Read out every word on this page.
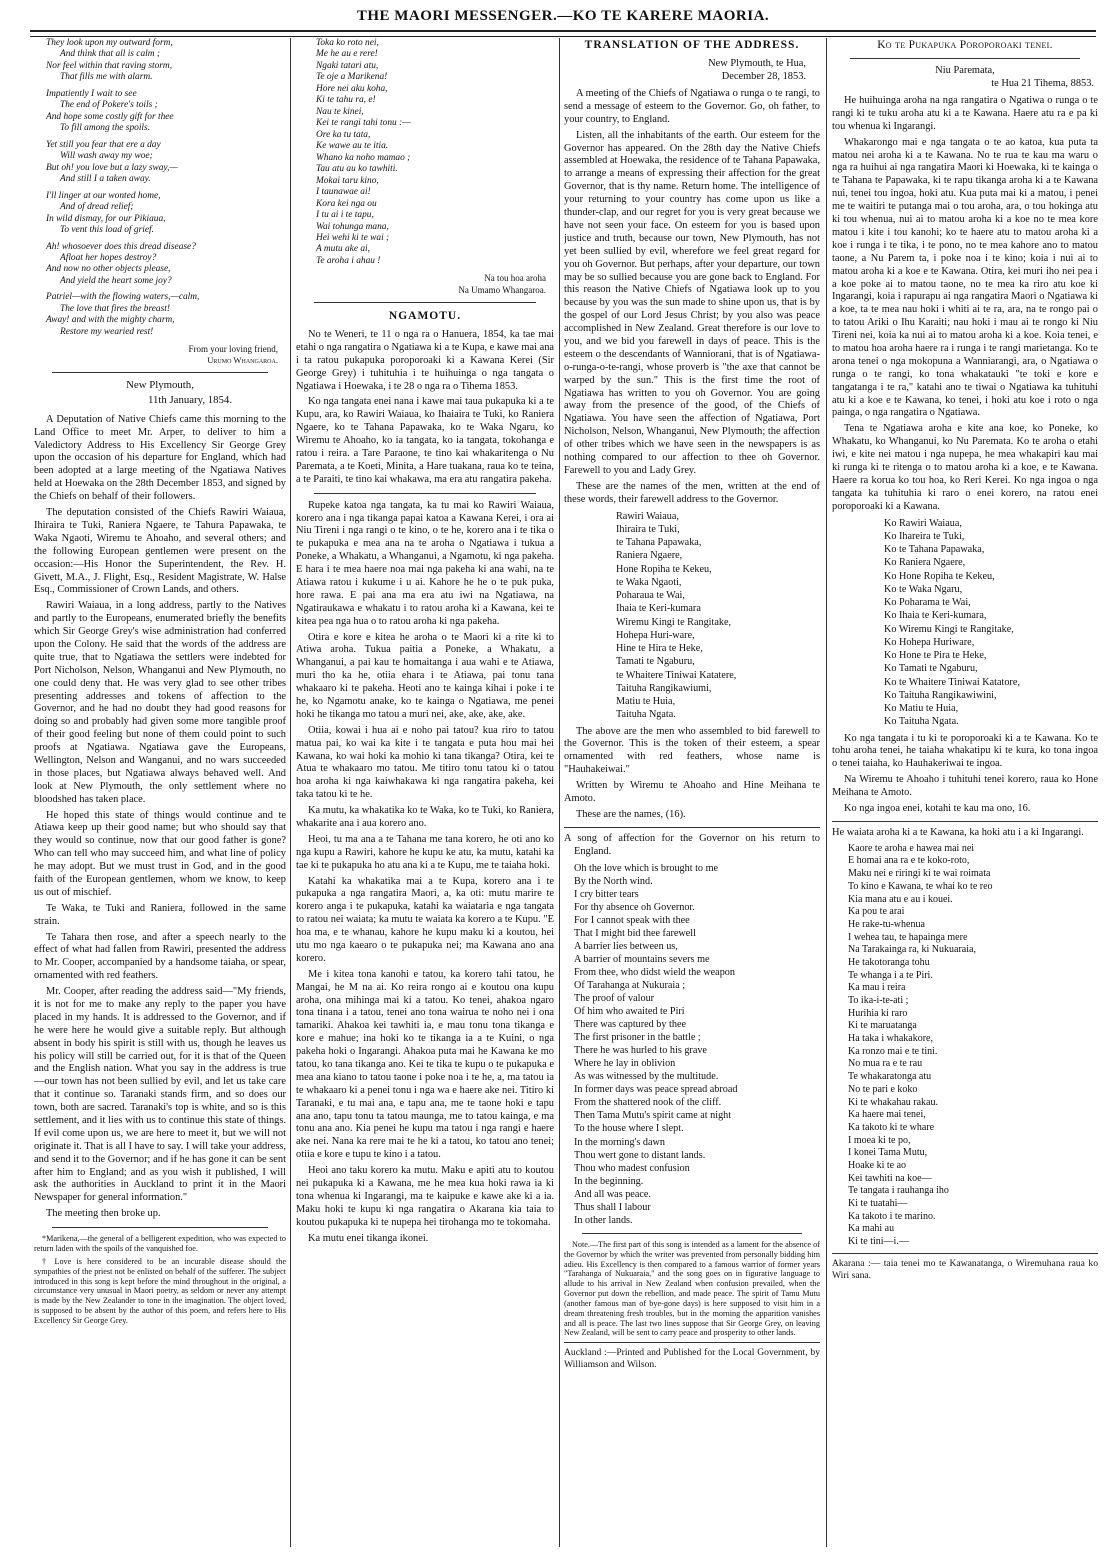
THE MAORI MESSENGER.—KO TE KARERE MAORIA.
They look upon my outward form,
And think that all is calm ;
Nor feel within that raving storm,
That fills me with alarm.
Impatiently I wait to see
The end of Pokere's toils ;
And hope some costly gift for thee
To fill among the spoils.
Yet still you fear that ere a day
Will wash away my woe;
But oh! you love but a lazy sway,—
And still I a taken away.
I'll linger at our wonted home,
And of dread relief;
In wild dismay, for our Pikiaua,
To vent this load of grief.
Ah! whosoever does this dread disease?
Afloat her hopes destroy?
And now no other objects please,
And yield the heart some joy?
Patriel—with the flowing waters,—calm,
The love that fires the breast!
Away! and with the mighty charm,
Restore my wearied rest!
From your loving friend,
Urumo Whangaroa.
New Plymouth,
11th January, 1854.

A Deputation of Native Chiefs came this morning to the Land Office to meet Mr. Arper, to deliver to him a Valedictory Address to His Excellency Sir George Grey upon the occasion of his departure for England, which had been adopted at a large meeting of the Ngatiawa Natives held at Hoewaka on the 28th December 1853, and signed by the Chiefs on behalf of their followers.

The deputation consisted of the Chiefs Rawiri Waiaua, Ihiraira te Tuki, Raniera Ngaere, te Tahura Papawaka, te Waka Ngaoti, Wiremu te Ahoaho, and several others; and the following European gentlemen were present on the occasion:—His Honor the Superintendent, the Rev. H. Givett, M.A., J. Flight, Esq., Resident Magistrate, W. Halse Esq., Commissioner of Crown Lands, and others.

Rawiri Waiaua, in a long address, partly to the Natives and partly to the Europeans, enumerated briefly the benefits which Sir George Grey's wise administration had conferred upon the Colony. He said that the words of the address are quite true, that to Ngatiawa the settlers were indebted for Port Nicholson, Nelson, Whanganui and New Plymouth, no one could deny that. He was very glad to see other tribes presenting addresses and tokens of affection to the Governor, and he had no doubt they had good reasons for doing so and probably had given some more tangible proof of their good feeling but none of them could point to such proofs at Ngatiawa. Ngatiawa gave the Europeans, Wellington, Nelson and Wanganui, and no wars succeeded in those places, but Ngatiawa always behaved well. And look at New Plymouth, the only settlement where no bloodshed has taken place.

He hoped this state of things would continue and te Atiawa keep up their good name; but who should say that they would so continue, now that our good father is gone? Who can tell who may succeed him, and what line of policy he may adopt. But we must trust in God, and in the good faith of the European gentlemen, whom we know, to keep us out of mischief.

Te Waka, te Tuki and Raniera, followed in the same strain.

Te Tahara then rose, and after a speech nearly to the effect of what had fallen from Rawiri, presented the address to Mr. Cooper, accompanied by a handsome taiaha, or spear, ornamented with red feathers.

Mr. Cooper, after reading the address said—"My friends, it is not for me to make any reply to the paper you have placed in my hands. It is addressed to the Governor, and if he were here he would give a suitable reply. But although absent in body his spirit is still with us, though he leaves us his policy will still be carried out, for it is that of the Queen and the English nation. What you say in the address is true—our town has not been sullied by evil, and let us take care that it continue so. Taranaki stands firm, and so does our town, both are sacred. Taranaki's top is white, and so is this settlement, and it lies with us to continue this state of things. If evil come upon us, we are here to meet it, but we will not originate it. That is all I have to say. I will take your address, and send it to the Governor; and if he has gone it can be sent after him to England; and as you wish it published, I will ask the authorities in Auckland to print it in the Maori Newspaper for general information."

The meeting then broke up.

*Marikena,—the general of a belligerent expedition, who was expected to return laden with the spoils of the vanquished foe.

† Love is here considered to be an incurable disease should the sympathies of the priest not be enlisted on behalf of the sufferer. The subject introduced in this song is kept before the mind throughout in the original, a circumstance very unusual in Maori poetry, as seldom or never any attempt is made by the New Zealander to tone in the imagination. The object loved, is supposed to be absent by the author of this poem, and refers here to His Excellency Sir George Grey.

Toka ko roto nei,
Me he au e rere!
Ngaki tatari atu,
Te oje a Marikena!
Hore nei aku koha,
Ki te tahu ra, e!
Nau te kinei,
Kei te rangi tahi tonu :—
Ore ka tu tata,
Ke wawe au te itia.
Whano ka noho mamao ;
Tau atu au ko tawhiti.
Mokai taru kino,
I taunawae ai!
Kora kei nga ou
I tu ai i te tapu,
Wai tohunga mana,
Hei wehi ki te wai ;
A mutu ake ai,
Te aroha i ahau !
Na tou hoa aroha
Na Umamo Whangaroa.
NGAMOTU.

No te Weneri, te 11 o nga ra o Hanuera, 1854, ka tae mai etahi o nga rangatira o Ngatiawa ki a te Kupa, e kawe mai ana i ta ratou pukapuka poroporoaki ki a Kawana Kerei (Sir George Grey) i tuhituhia i te huihuinga o nga tangata o Ngatiawa i Hoewaka, i te 28 o nga ra o Tihema 1853.

Ko nga tangata enei nana i kawe mai taua pukapuka ki a te Kupu, ara, ko Rawiri Waiaua, ko Ihaiaira te Tuki, ko Raniera Ngaere, ko te Tahana Papawaka, ko te Waka Ngaru, ko Wiremu te Ahoaho, ko ia tangata, ko ia tangata, tokohanga e ratou i reira. a Tare Paraone, te tino kai whakaritenga o Nu Paremata, a te Koeti, Minita, a Hare tuakana, raua ko te teina, a te Paraiti, te tino kai whakawa, ma era atu rangatira pakeha.

Rupeke katoa nga tangata, ka tu mai ko Rawiri Waiaua, korero ana i nga tikanga papai katoa a Kawana Kerei, i ora ai Niu Tireni i nga rangi o te kino, o te he, korero ana i te tika o te pukapuka e mea ana na te aroha o Ngatiawa i tukua a Poneke, a Whakatu, a Whanganui, a Ngamotu, ki nga pakeha. E hara i te mea haere noa mai nga pakeha ki ana wahi, na te Atiawa ratou i kukume i u ai. Kahore he he o te puk puka, hore rawa. E pai ana ma era atu iwi na Ngatiawa, na Ngatiraukawa e whakatu i to ratou aroha ki a Kawana, kei te kitea pea nga hua o to ratou aroha ki nga pakeha.

Otira e kore e kitea he aroha o te Maori ki a rite ki to Atiwa aroha. Tukua paitia a Poneke, a Whakatu, a Whanganui, a pai kau te homaitanga i aua wahi e te Atiawa, muri tho ka he, otiia ehara i te Atiawa, pai tonu tana whakaaro ki te pakeha. Heoti ano te kainga kihai i poke i te he, ko Ngamotu anake, ko te kainga o Ngatiawa, me penei hoki he tikanga mo tatou a muri nei, ake, ake, ake, ake.

Otiia, kowai i hua ai e noho pai tatou? kua riro to tatou matua pai, ko wai ka kite i te tangata e puta hou mai hei Kawana, ko wai hoki ka mohio ki tana tikanga? Otira, kei te Atua te whakaaro mo tatou. Me titiro tonu tatou ki o tatou hoa aroha ki nga kaiwhakawa ki nga rangatira pakeha, kei taka tatou ki te he.

Ka mutu, ka whakatika ko te Waka, ko te Tuki, ko Raniera, whakarite ana i aua korero ano.

Heoi, tu ma ana a te Tahana me tana korero, he oti ano ko nga kupu a Rawiri, kahore he kupu ke atu, ka mutu, katahi ka tae ki te pukapuka ho atu ana ki a te Kupu, me te taiaha hoki.

Katahi ka whakatika mai a te Kupa, korero ana i te pukapuka a nga rangatira Maori, a, ka oti: mutu marire te korero anga i te pukapuka, katahi ka waiataria e nga tangata to ratou nei waiata; ka mutu te waiata ka korero a te Kupu. "E hoa ma, e te whanau, kahore he kupu maku ki a koutou, hei utu mo nga kaearo o te pukapuka nei; ma Kawana ano ana korero.

Me i kitea tona kanohi e tatou, ka korero tahi tatou, he Mangai, he M na ai. Ko reira rongo ai e koutou ona kupu aroha, ona mihinga mai ki a tatou. Ko tenei, ahakoa ngaro tona tinana i a tatou, tenei ano tona wairua te noho nei i ona tamariki. Ahakoa kei tawhiti ia, e mau tonu tona tikanga e kore e mahue; ina hoki ko te tikanga ia a te Kuini, o nga pakeha hoki o Ingarangi. Ahakoa puta mai he Kawana ke mo tatou, ko tana tikanga ano. Kei te tika te kupu o te pukapuka e mea ana kiano to tatou taone i poke noa i te he, a, ma tatou ia te whakaaro ki a penei tonu i nga wa e haere ake nei. Titiro ki Taranaki, e tu mai ana, e tapu ana, me te taone hoki e tapu ana ano, tapu tonu ta tatou maunga, me to tatou kainga, e ma tonu ana ano. Kia penei he kupu ma tatou i nga rangi e haere ake nei. Nana ka rere mai te he ki a tatou, ko tatou ano tenei; otiia e kore e tupu te kino i a tatou.

Heoi ano taku korero ka mutu. Maku e apiti atu to koutou nei pukapuka ki a Kawana, me he mea kua hoki rawa ia ki tona whenua ki Ingarangi, ma te kaipuke e kawe ake ki a ia. Maku hoki te kupu ki nga rangatira o Akarana kia taia to koutou pukapuka ki te nupepa hei tirohanga mo te tokomaha.

Ka mutu enei tikanga ikonei.

TRANSLATION OF THE ADDRESS.
New Plymouth, te Hua,
December 28, 1853.

A meeting of the Chiefs of Ngatiawa o runga o te rangi, to send a message of esteem to the Governor. Go, oh father, to your country, to England.

Listen, all the inhabitants of the earth. Our esteem for the Governor has appeared. On the 28th day the Native Chiefs assembled at Hoewaka, the residence of te Tahana Papawaka, to arrange a means of expressing their affection for the great Governor, that is thy name. Return home. The intelligence of your returning to your country has come upon us like a thunder-clap, and our regret for you is very great because we have not seen your face. On esteem for you is based upon justice and truth, because our town, New Plymouth, has not yet been sullied by evil, wherefore we feel great regard for you oh Governor. But perhaps, after your departure, our town may be so sullied because you are gone back to England. For this reason the Native Chiefs of Ngatiawa look up to you because by you was the sun made to shine upon us, that is by the gospel of our Lord Jesus Christ; by you also was peace accomplished in New Zealand. Great therefore is our love to you, and we bid you farewell in days of peace. This is the esteem o the descendants of Wanniorani, that is of Ngatiawa-o-runga-o-te-rangi, whose proverb is "the axe that cannot be warped by the sun." This is the first time the root of Ngatiawa has written to you oh Governor. You are going away from the presence of the good, of the Chiefs of Ngatiawa. You have seen the affection of Ngatiawa, Port Nicholson, Nelson, Whanganui, New Plymouth; the affection of other tribes which we have seen in the newspapers is as nothing compared to our affection to thee oh Governor. Farewell to you and Lady Grey.

These are the names of the men, written at the end of these words, their farewell address to the Governor.

Rawiri Waiaua,
Ihiraira te Tuki,
te Tahana Papawaka,
Raniera Ngaere,
Hone Ropiha te Kekeu,
te Waka Ngaoti,
Poharaua te Wai,
Ihaia te Keri-kumara
Wiremu Kingi te Rangitake,
Hohepa Huri-ware,
Hine te Hira te Heke,
Tamati te Ngaburu,
te Whaitere Tiniwai Katatere,
Taituha Rangikawiumi,
Matiu te Huia,
Taituha Ngata.

The above are the men who assembled to bid farewell to the Governor. This is the token of their esteem, a spear ornamented with red feathers, whose name is "Hauhakeiwai."

Written by Wiremu te Ahoaho and Hine Meihana te Amoto.

These are the names, (16).

A song of affection for the Governor on his return to England.

Oh the love which is brought to me
By the North wind.
I cry bitter tears
For thy absence oh Governor.
For I cannot speak with thee
That I might bid thee farewell
A barrier lies between us,
A barrier of mountains severs me
From thee, who didst wield the weapon
Of Tarahanga at Nukuraia ;
The proof of valour
Of him who awaited te Piri
There was captured by thee
The first prisoner in the battle ;
There he was hurled to his grave
Where he lay in oblivion
As was witnessed by the multitude.
In former days was peace spread abroad
From the shattered nook of the cliff.
Then Tama Mutu's spirit came at night
To the house where I slept.
In the morning's dawn
Thou wert gone to distant lands.
Thou who madest confusion
In the beginning.
And all was peace.
Thus shall I labour
In other lands.

Note.—The first part of this song is intended as a lament for the absence of the Governor by which the writer was prevented from personally bidding him adieu. His Excellency is then compared to a famous warrior of former years "Tarahanga of Nukuaraia," and the song goes on in figurative language to allude to his arrival in New Zealand when confusion prevailed, when the Governor put down the rebellion, and made peace. The spirit of Tamu Mutu (another famous man of bye-gone days) is here supposed to visit him in a dream threatening fresh troubles, but in the morning the apparition vanishes and all is peace. The last two lines suppose that Sir George Grey, on leaving New Zealand, will be sent to carry peace and prosperity to other lands.

Auckland :—Printed and Published for the Local Government, by Williamson and Wilson.

Ko te Pukapuka Poroporoaki tenei.
Niu Paremata,
te Hua 21 Tihema, 8853.

He huihuinga aroha na nga rangatira o Ngatiwa o runga o te rangi ki te tuku aroha atu ki a te Kawana. Haere atu ra e pa ki tou whenua ki Ingarangi.

Whakarongo mai e nga tangata o te ao katoa, kua puta ta matou nei aroha ki a te Kawana. No te rua te kau ma waru o nga ra huihui ai nga rangatira Maori ki Hoewaka, ki te kainga o te Tahana te Papawaka, ki te rapu tikanga aroha ki a te Kawana nui, tenei tou ingoa, hoki atu. Kua puta mai ki a matou, i penei me te waitiri te putanga mai o tou aroha, ara, o tou hokinga atu ki tou whenua, nui ai to matou aroha ki a koe no te mea kore matou i kite i tou kanohi; ko te haere atu to matou aroha ki a koe i runga i te tika, i te pono, no te mea kahore ano to matou taone, a Nu Parem ta, i poke noa i te kino; koia i nui ai to matou aroha ki a koe e te Kawana. Otira, kei muri iho nei pea i a koe poke ai to matou taone, no te mea ka riro atu koe ki Ingarangi, koia i rapurapu ai nga rangatira Maori o Ngatiawa ki a koe, ta te mea nau hoki i whiti ai te ra, ara, na te rongo pai o to tatou Ariki o Ihu Karaiti; nau hoki i mau ai te rongo ki Niu Tireni nei, koia ka nui ai to matou aroha ki a koe. Koia tenei, e to matou hoa aroha haere ra i runga i te rangi marietanga. Ko te arona tenei o nga mokopuna a Wanniarangi, ara, o Ngatiawa o runga o te rangi, ko tona whakatauki "te toki e kore e tangatanga i te ra," katahi ano te tiwai o Ngatiawa ka tuhituhi atu ki a koe e te Kawana, ko tenei, i hoki atu koe i roto o nga painga, o nga rangatira o Ngatiawa.

Tena te Ngatiawa aroha e kite ana koe, ko Poneke, ko Whakatu, ko Whanganui, ko Nu Paremata. Ko te aroha o etahi iwi, e kite nei matou i nga nupepa, he mea whakapiri kau mai ki runga ki te ritenga o to matou aroha ki a koe, e te Kawana. Haere ra korua ko tou hoa, ko Reri Kerei. Ko nga ingoa o nga tangata ka tuhituhia ki raro o enei korero, na ratou enei poroporoaki ki a Kawana.

Ko Rawiri Waiaua,
Ko Ihareira te Tuki,
Ko te Tahana Papawaka,
Ko Raniera Ngaere,
Ko Hone Ropiha te Kekeu,
Ko te Waka Ngaru,
Ko Poharama te Wai,
Ko Ihaia te Keri-kumara,
Ko Wiremu Kingi te Rangitake,
Ko Hohepa Huriware,
Ko Hone te Pira te Heke,
Ko Tamati te Ngaburu,
Ko te Whaitere Tiniwai Katatore,
Ko Taituha Rangikawiwini,
Ko Matiu te Huia,
Ko Taituha Ngata.

Ko nga tangata i tu ki te poroporoaki ki a te Kawana. Ko te tohu aroha tenei, he taiaha whakatipu ki te kura, ko tona ingoa o tenei taiaha, ko Hauhakeriwai te ingoa.

Na Wiremu te Ahoaho i tuhituhi tenei korero, raua ko Hone Meihana te Amoto.

Ko nga ingoa enei, kotahi te kau ma ono, 16.

He waiata aroha ki a te Kawana, ka hoki atu i a ki Ingarangi.

Kaore te aroha e hawea mai nei
E homai ana ra e te koko-roto,
Maku nei e riringi ki te wai roimata
To kino e Kawana, te whai ko te reo
Kia mana atu e au i kouei.
Ka pou te arai
He rake-tu-whenua
I wehea tau, te hapainga mere
Na Tarakainga ra, ki Nukuaraia,
He takotoranga tohu
Te whanga i a te Piri.
Ka mau i reira
To ika-i-te-ati ;
Hurihia ki raro
Ki te maruatanga
Ha taka i whakakore,
Ka ronzo mai e te tini.
No mua ra e te rau
Te whakaratonga atu
No te pari e koko
Ki te whakahau rakau.
Ka haere mai tenei,
Ka takoto ki te whare
I moea ki te po,
I konei Tama Mutu,
Hoake ki te ao
Kei tawhiti na koe—
Te tangata i rauhanga iho
Ki te tuatahi—
Ka takoto i te marino.
Ka mahi au
Ki te tini—i.—

Akarana :— taia tenei mo te Kawanatanga, o Wiremuhana raua ko Wiri sana.
